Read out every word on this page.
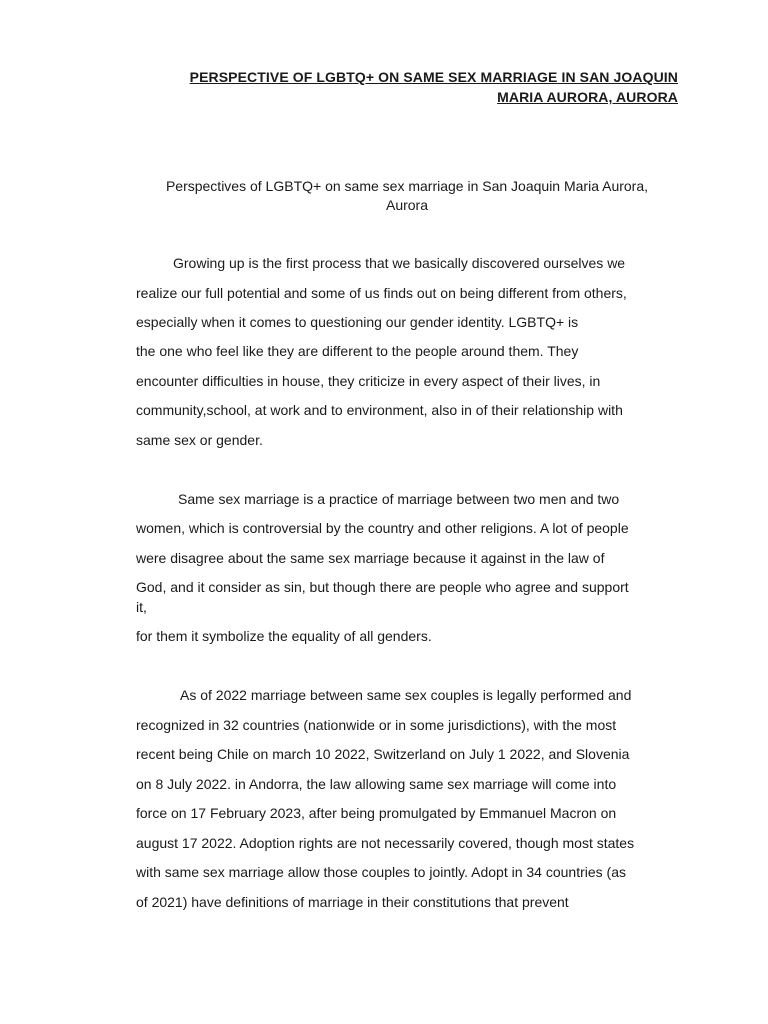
PERSPECTIVE OF LGBTQ+ ON SAME SEX MARRIAGE IN SAN JOAQUIN
MARIA AURORA, AURORA
Perspectives of LGBTQ+ on same sex marriage in San Joaquin Maria Aurora,
Aurora
Growing up is the first process that we basically discovered ourselves we
realize our full potential and some of us finds out on being different from others,
especially when it comes to questioning our gender identity. LGBTQ+ is
the one who feel like they are different to the people around them. They
encounter difficulties in house, they criticize in every aspect of their lives, in
community,school, at work and to environment, also in of their relationship with
same sex or gender.
Same sex marriage is a practice of marriage between two men and two
women, which is controversial by the country and other religions. A lot of people
were disagree about the same sex marriage because it against in the law of
God, and it consider as sin, but though there are people who agree and support
it,
for them it symbolize the equality of all genders.
As of 2022 marriage between same sex couples is legally performed and
recognized in 32 countries (nationwide or in some jurisdictions), with the most
recent being Chile on march 10 2022, Switzerland on July 1 2022, and Slovenia
on 8 July 2022. in Andorra, the law allowing same sex marriage will come into
force on 17 February 2023, after being promulgated by Emmanuel Macron on
august 17 2022. Adoption rights are not necessarily covered, though most states
with same sex marriage allow those couples to jointly. Adopt in 34 countries (as
of 2021) have definitions of marriage in their constitutions that prevent
